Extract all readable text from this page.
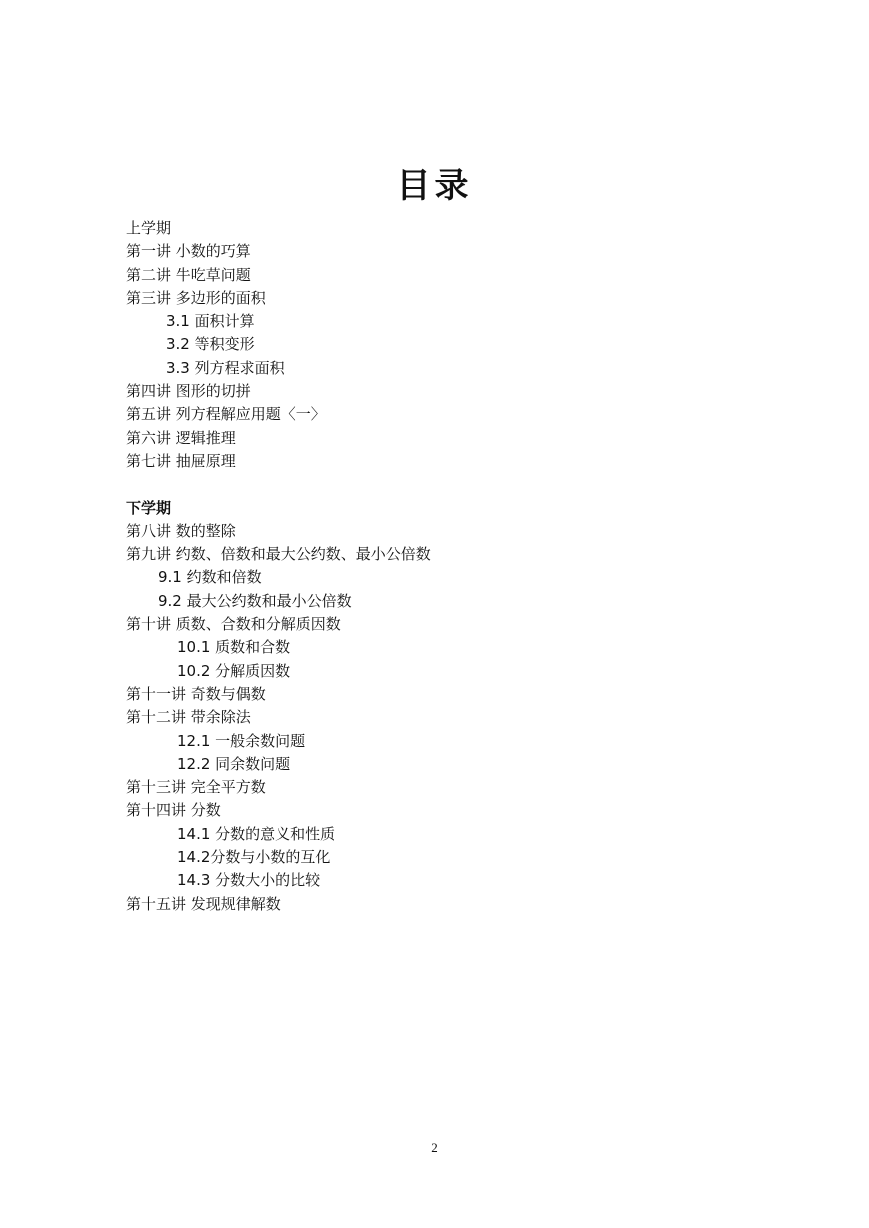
目录
上学期
第一讲 小数的巧算
第二讲 牛吃草问题
第三讲 多边形的面积
3.1 面积计算
3.2 等积变形
3.3 列方程求面积
第四讲 图形的切拼
第五讲 列方程解应用题〈一〉
第六讲 逻辑推理
第七讲 抽屉原理
下学期
第八讲 数的整除
第九讲 约数、倍数和最大公约数、最小公倍数
9.1 约数和倍数
9.2 最大公约数和最小公倍数
第十讲 质数、合数和分解质因数
10.1 质数和合数
10.2 分解质因数
第十一讲 奇数与偶数
第十二讲 带余除法
12.1 一般余数问题
12.2 同余数问题
第十三讲 完全平方数
第十四讲 分数
14.1 分数的意义和性质
14.2分数与小数的互化
14.3 分数大小的比较
第十五讲 发现规律解数
2
